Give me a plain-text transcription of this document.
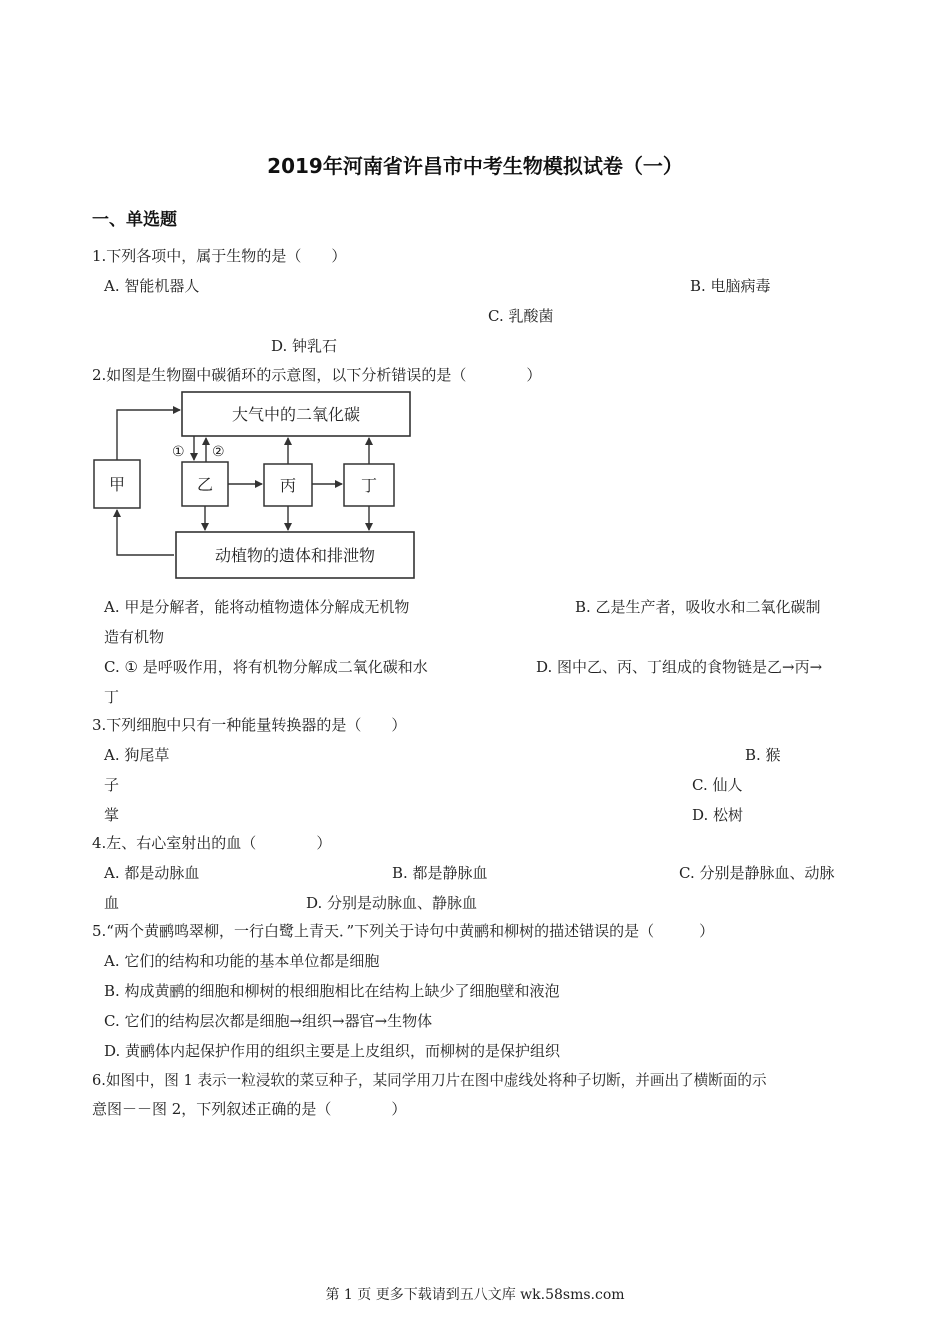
2019年河南省许昌市中考生物模拟试卷（一）
一、单选题
1.下列各项中，属于生物的是（　　）
A. 智能机器人	B. 电脑病毒
C. 乳酸菌
D. 钟乳石
2.如图是生物圈中碳循环的示意图，以下分析错误的是（　　　　）
大气中的二氧化碳
动植物的遗体和排泄物
甲	乙	丙	丁
① ②
A. 甲是分解者，能将动植物遗体分解成无机物	B. 乙是生产者，吸收水和二氧化碳制
造有机物
C. ① 是呼吸作用，将有机物分解成二氧化碳和水	D. 图中乙、丙、丁组成的食物链是乙→丙→
丁
3.下列细胞中只有一种能量转换器的是（　　）
A. 狗尾草	B. 猴
子	C. 仙人
掌	D. 松树
4.左、右心室射出的血（　　　　）
A. 都是动脉血	B. 都是静脉血	C. 分别是静脉血、动脉
血	D. 分别是动脉血、静脉血
5.“两个黄鹂鸣翠柳，一行白鹭上青天．”下列关于诗句中黄鹂和柳树的描述错误的是（　　　）
A. 它们的结构和功能的基本单位都是细胞
B. 构成黄鹂的细胞和柳树的根细胞相比在结构上缺少了细胞壁和液泡
C. 它们的结构层次都是细胞→组织→器官→生物体
D. 黄鹂体内起保护作用的组织主要是上皮组织，而柳树的是保护组织
6.如图中，图 1 表示一粒浸软的菜豆种子，某同学用刀片在图中虚线处将种子切断，并画出了横断面的示
意图－－图 2，下列叙述正确的是（　　　　）
第 1 页 更多下载请到五八文库 wk.58sms.com
